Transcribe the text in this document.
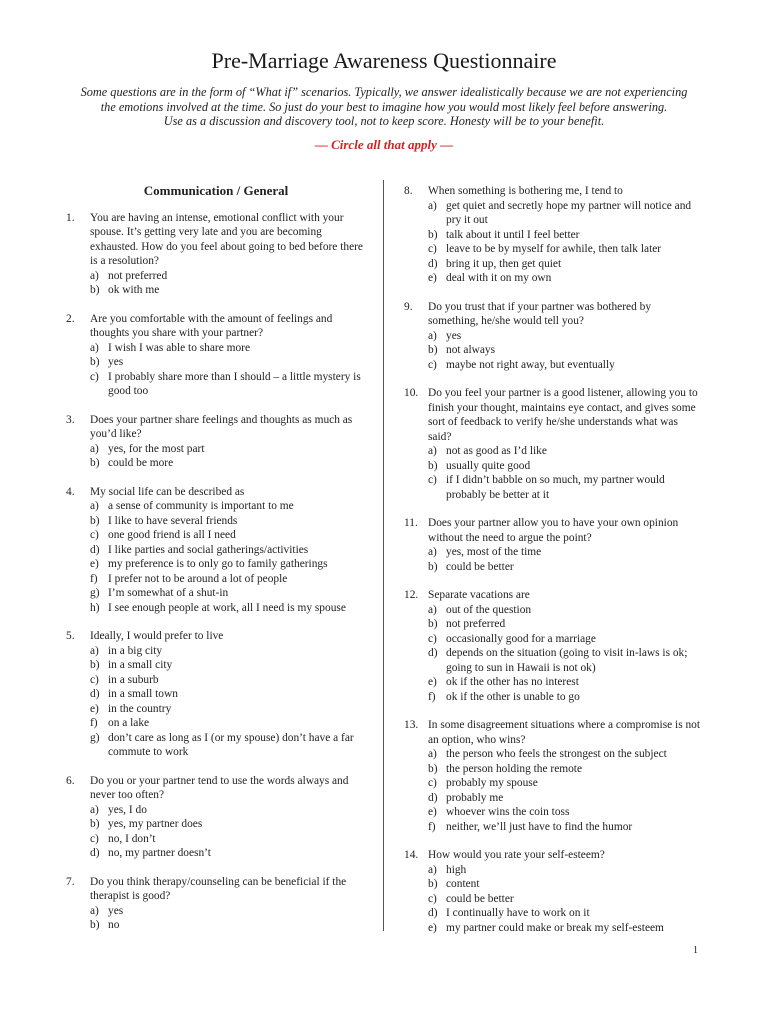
Pre-Marriage Awareness Questionnaire
Some questions are in the form of “What if” scenarios. Typically, we answer idealistically because we are not experiencing
the emotions involved at the time. So just do your best to imagine how you would most likely feel before answering.
Use as a discussion and discovery tool, not to keep score. Honesty will be to your benefit.
— Circle all that apply —
Communication / General
1.	You are having an intense, emotional conflict with your spouse. It’s getting very late and you are becoming exhausted. How do you feel about going to bed before there is a resolution?

a) not preferred
b) ok with me
2.	Are you comfortable with the amount of feelings and thoughts you share with your partner?

a) I wish I was able to share more
b) yes
c) I probably share more than I should – a little mystery is good too
3.	Does your partner share feelings and thoughts as much as you’d like?

a) yes, for the most part
b) could be more
4.	My social life can be described as

a) a sense of community is important to me
b) I like to have several friends
c) one good friend is all I need
d) I like parties and social gatherings/activities
e) my preference is to only go to family gatherings
f) I prefer not to be around a lot of people
g) I’m somewhat of a shut-in
h) I see enough people at work, all I need is my spouse
5.	Ideally, I would prefer to live

a) in a big city
b) in a small city
c) in a suburb
d) in a small town
e) in the country
f) on a lake
g) don’t care as long as I (or my spouse) don’t have a far commute to work
6.	Do you or your partner tend to use the words always and never too often?

a) yes, I do
b) yes, my partner does
c) no, I don’t
d) no, my partner doesn’t
7.	Do you think therapy/counseling can be beneficial if the therapist is good?

a) yes
b) no
8.	When something is bothering me, I tend to

a) get quiet and secretly hope my partner will notice and pry it out
b) talk about it until I feel better
c) leave to be by myself for awhile, then talk later
d) bring it up, then get quiet
e) deal with it on my own
9.	Do you trust that if your partner was bothered by something, he/she would tell you?

a) yes
b) not always
c) maybe not right away, but eventually
10. Do you feel your partner is a good listener, allowing you to finish your thought, maintains eye contact, and gives some sort of feedback to verify he/she understands what was said?

a) not as good as I’d like
b) usually quite good
c) if I didn’t babble on so much, my partner would probably be better at it
11. Does your partner allow you to have your own opinion without the need to argue the point?

a) yes, most of the time
b) could be better
12. Separate vacations are

a) out of the question
b) not preferred
c) occasionally good for a marriage
d) depends on the situation (going to visit in-laws is ok; going to sun in Hawaii is not ok)
e) ok if the other has no interest
f) ok if the other is unable to go
13. In some disagreement situations where a compromise is not an option, who wins?

a) the person who feels the strongest on the subject
b) the person holding the remote
c) probably my spouse
d) probably me
e) whoever wins the coin toss
f) neither, we’ll just have to find the humor
14. How would you rate your self-esteem?

a) high
b) content
c) could be better
d) I continually have to work on it
e) my partner could make or break my self-esteem
1
